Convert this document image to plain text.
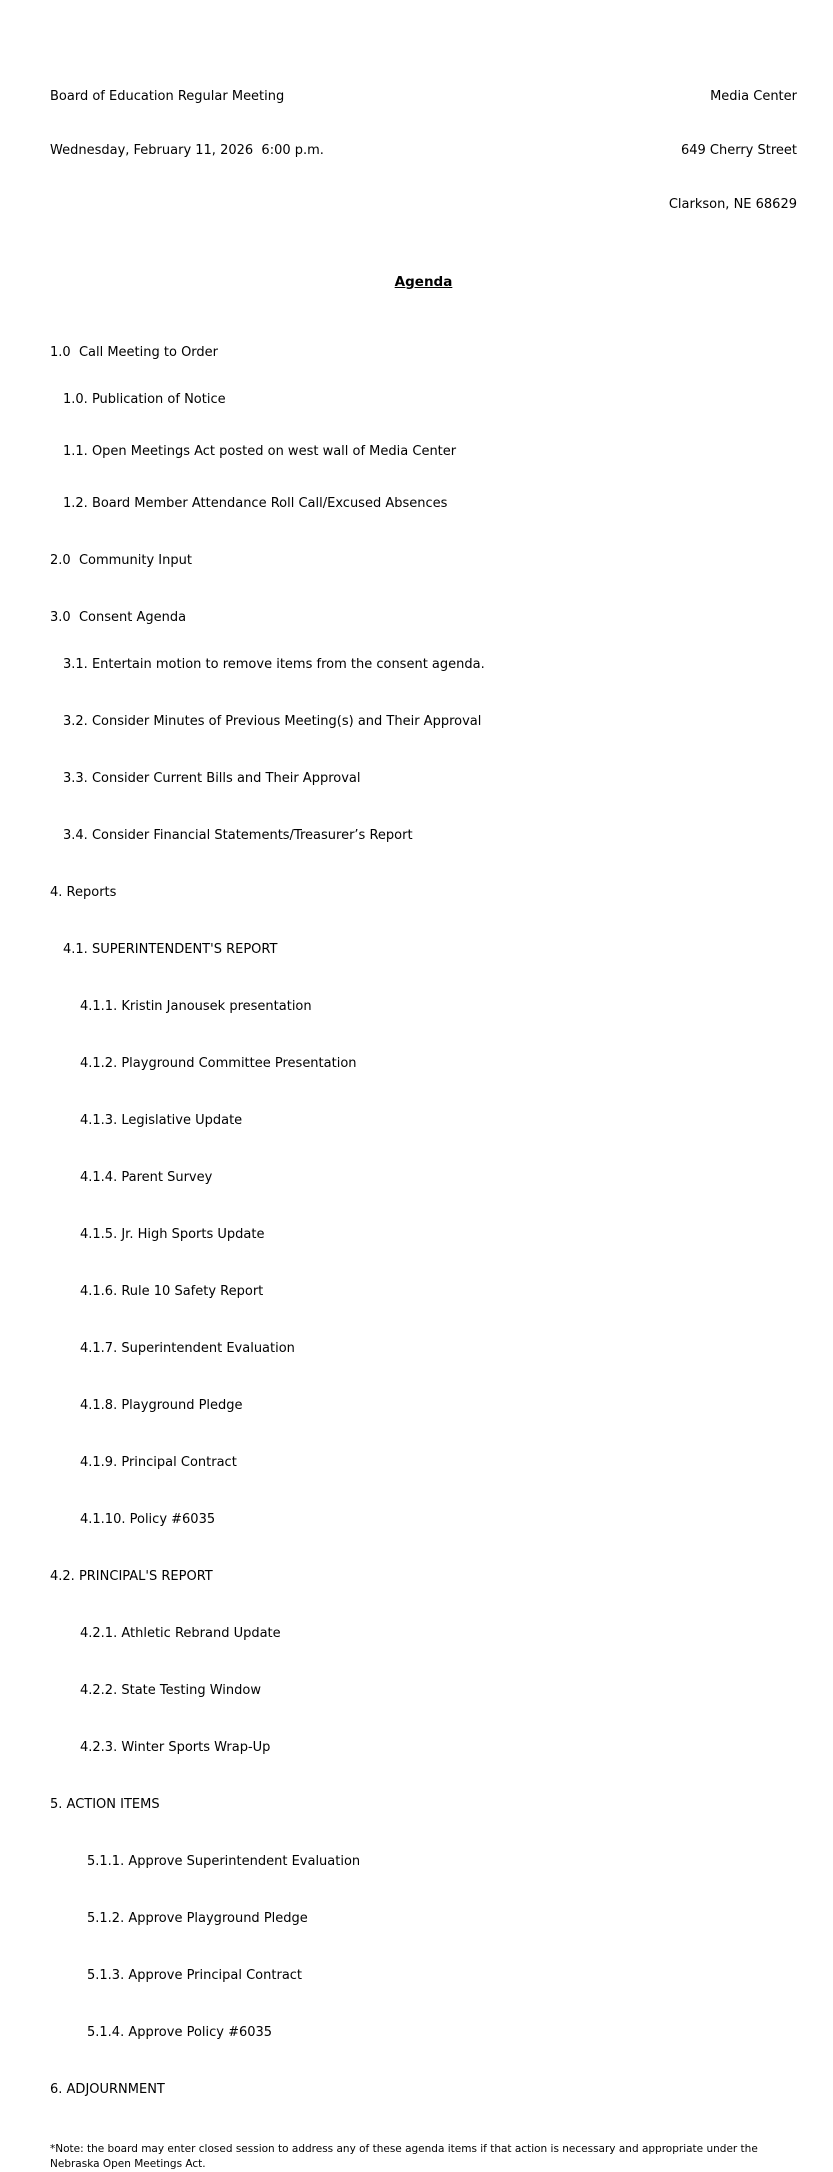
Board of Education Regular Meeting

Wednesday, February 11, 2026  6:00 p.m.

Media Center

649 Cherry Street

Clarkson, NE 68629

Agenda

1.0  Call Meeting to Order

1.0. Publication of Notice

1.1. Open Meetings Act posted on west wall of Media Center

1.2. Board Member Attendance Roll Call/Excused Absences

2.0  Community Input

3.0  Consent Agenda

3.1. Entertain motion to remove items from the consent agenda.

3.2. Consider Minutes of Previous Meeting(s) and Their Approval

3.3. Consider Current Bills and Their Approval

3.4. Consider Financial Statements/Treasurer’s Report

4. Reports

4.1. SUPERINTENDENT'S REPORT

4.1.1. Kristin Janousek presentation

4.1.2. Playground Committee Presentation

4.1.3. Legislative Update

4.1.4. Parent Survey

4.1.5. Jr. High Sports Update

4.1.6. Rule 10 Safety Report

4.1.7. Superintendent Evaluation

4.1.8. Playground Pledge

4.1.9. Principal Contract

4.1.10. Policy #6035

4.2. PRINCIPAL'S REPORT

4.2.1. Athletic Rebrand Update

4.2.2. State Testing Window

4.2.3. Winter Sports Wrap-Up

5. ACTION ITEMS

5.1.1. Approve Superintendent Evaluation

5.1.2. Approve Playground Pledge

5.1.3. Approve Principal Contract

5.1.4. Approve Policy #6035

6. ADJOURNMENT

*Note: the board may enter closed session to address any of these agenda items if that action is necessary and appropriate under the Nebraska Open Meetings Act.
